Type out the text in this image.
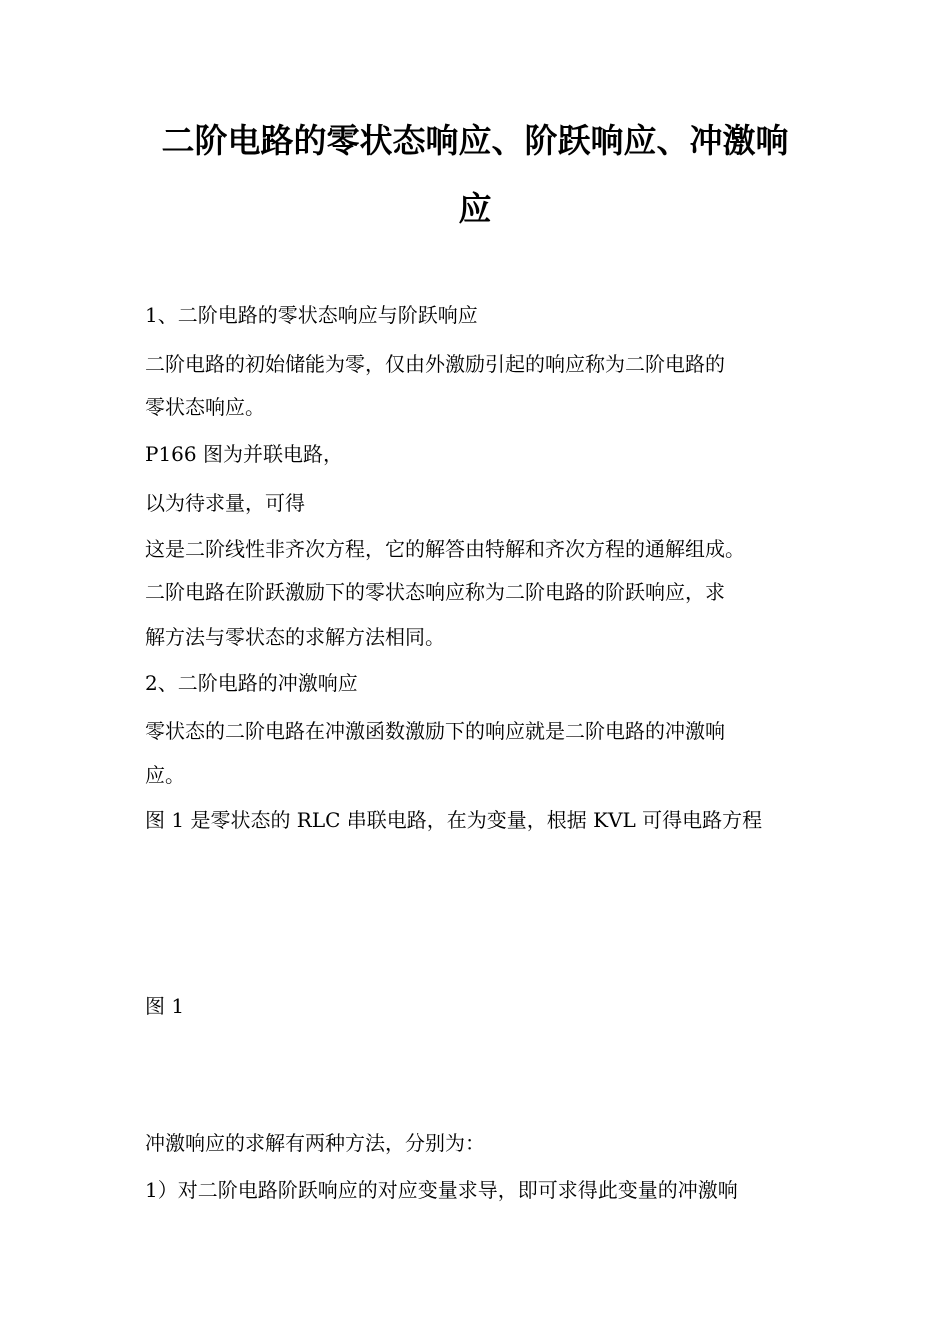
二阶电路的零状态响应、阶跃响应、冲激响
应

1、二阶电路的零状态响应与阶跃响应

二阶电路的初始储能为零，仅由外激励引起的响应称为二阶电路的

零状态响应。

P166 图为并联电路，

以为待求量，可得

这是二阶线性非齐次方程，它的解答由特解和齐次方程的通解组成。

二阶电路在阶跃激励下的零状态响应称为二阶电路的阶跃响应，求

解方法与零状态的求解方法相同。

2、二阶电路的冲激响应

零状态的二阶电路在冲激函数激励下的响应就是二阶电路的冲激响

应。

图 1 是零状态的 RLC 串联电路，在为变量，根据 KVL 可得电路方程

图 1

冲激响应的求解有两种方法，分别为：

1）对二阶电路阶跃响应的对应变量求导，即可求得此变量的冲激响
